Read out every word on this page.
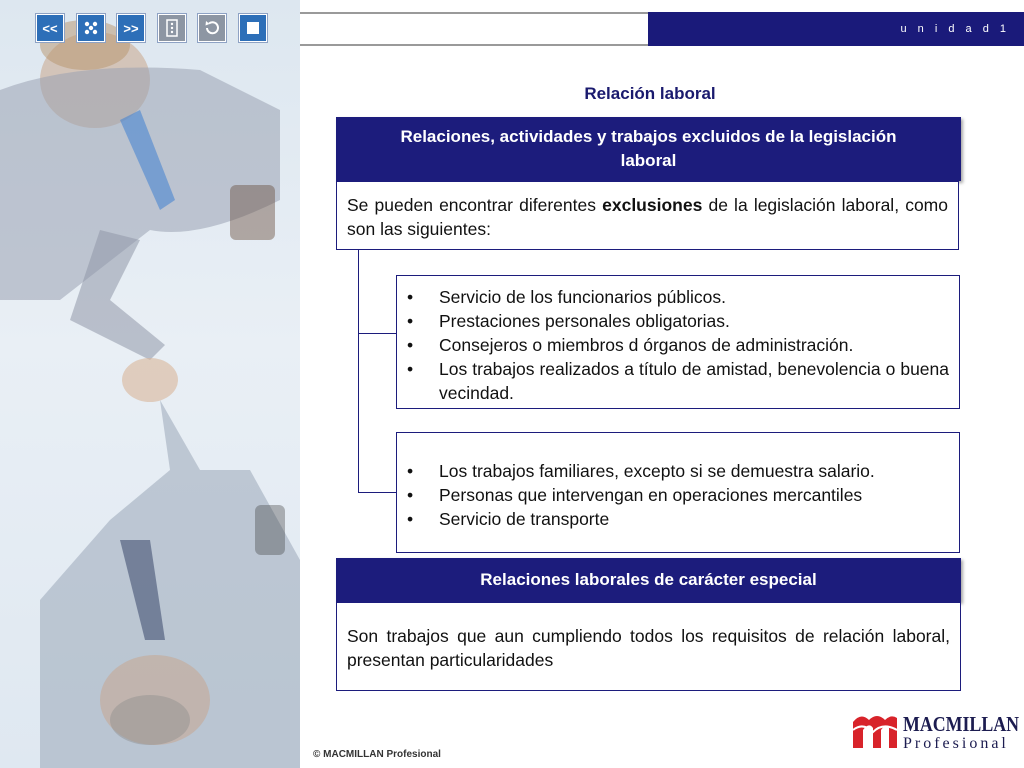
u n i d a d 1
<<	>>
Relación laboral
Relaciones, actividades y trabajos excluidos de la legislación laboral

Se pueden encontrar diferentes exclusiones de la legislación laboral, como son las siguientes:

• Servicio de los funcionarios públicos.
• Prestaciones personales obligatorias.
• Consejeros o miembros d órganos de administración.
• Los trabajos realizados a título de amistad, benevolencia o buena vecindad.
• Los trabajos familiares, excepto si se demuestra salario.
• Personas que intervengan en operaciones mercantiles
• Servicio de transporte
Relaciones laborales de carácter especial

Son trabajos que aun cumpliendo todos los requisitos de relación laboral, presentan particularidades

© MACMILLAN Profesional
MACMILLAN
Profesional
